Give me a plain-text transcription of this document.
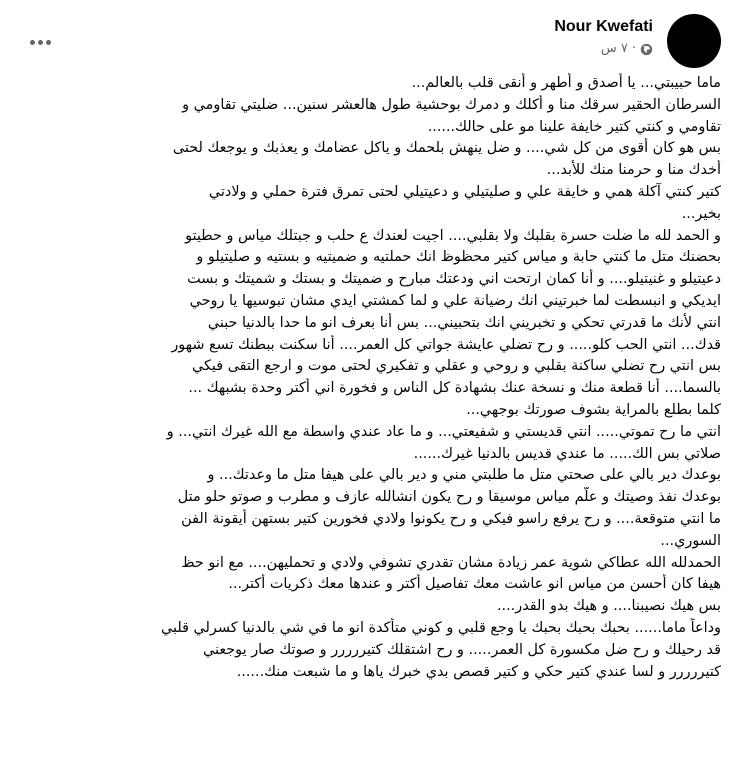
Nour Kwefati
٧ س ·
ماما حبيبتي... يا أصدق و أطهر و أنقى قلب بالعالم...
السرطان الحقير سرقك منا و أكلك و دمرك بوحشية طول هالعشر سنين... ضليتي تقاومي و
تقاومي و كنتي كتير خايفة علينا مو على حالك......
بس هو كان أقوى من كل شي.... و ضل ينهش بلحمك و ياكل عضامك و يعذبك و يوجعك لحتى
أخدك منا و حرمنا منك للأبد...
كتير كنتي آكلة همي و خايفة علي و صليتيلي و دعيتيلي لحتى تمرق فترة حملي و ولادتي
بخير...
و الحمد لله ما ضلت حسرة بقلبك ولا بقلبي.... اجيت لعندك ع حلب و جبتلك مياس و حطيتو
بحضنك متل ما كنتي حابة و مياس كتير محظوظ انك حملتيه و ضميتيه و بستيه و صليتيلو و
دعيتيلو و غنيتيلو.... و أنا كمان ارتحت اني ودعتك مبارح و ضميتك و بستك و شميتك و بست
ايديكي و انبسطت لما خبرتيني انك رضيانة علي و لما كمشتي ايدي مشان تبوسيها يا روحي
انتي لأنك ما قدرتي تحكي و تخبريني انك بتحبيني... بس أنا بعرف انو ما حدا بالدنيا حبني
قدك... انتي الحب كلو..... و رح تضلي عايشة جواتي كل العمر.... أنا سكنت ببطنك تسع شهور
بس انتي رح تضلي ساكنة بقلبي و روحي و عقلي و تفكيري لحتى موت و ارجع التقى فيكي
بالسما.... أنا قطعة منك و نسخة عنك بشهادة كل الناس و فخورة اني أكتر وحدة بشبهك ...
كلما بطلع بالمراية بشوف صورتك بوجهي...
انتي ما رح تموتي..... انتي قديستي و شفيعتي... و ما عاد عندي واسطة مع الله غيرك انتي... و
صلاتي بس الك..... ما عندي قديس بالدنيا غيرك......
بوعدك دير بالي على صحتي متل ما طلبتي مني و دير بالي على هيفا متل ما وعدتك... و
بوعدك نفذ وصيتك و علّم مياس موسيقا و رح يكون انشالله عازف و مطرب و صوتو حلو متل
ما انتي متوقعة.... و رح يرفع راسو فيكي و رح يكونوا ولادي فخورين كتير بستهن أيقونة الفن
السوري...
الحمدلله الله عطاكي شوية عمر زيادة مشان تقدري تشوفي ولادي و تحمليهن.... مع انو حظ
هيفا كان أحسن من مياس انو عاشت معك تفاصيل أكتر و عندها معك ذكريات أكتر...
بس هيك نصيبنا.... و هيك بدو القدر....
وداعاً ماما...... بحبك بحبك بحبك يا وجع قلبي و كوني متأكدة انو ما في شي بالدنيا كسرلي قلبي
قد رحيلك و رح ضل مكسورة كل العمر..... و رح اشتقلك كتيررررر و صوتك صار يوجعني
كتيررررر و لسا عندي كتير حكي و كتير قصص بدي خبرك ياها و ما شبعت منك......
